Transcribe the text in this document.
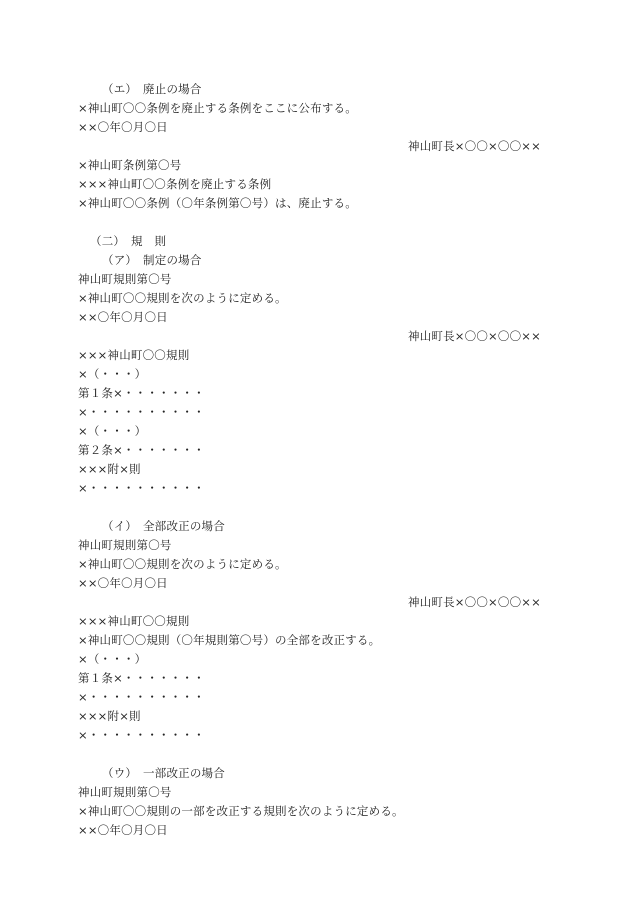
（エ）　廃止の場合
×神山町〇〇条例を廃止する条例をここに公布する。
××〇年〇月〇日
神山町長×〇〇×〇〇××
×神山町条例第〇号
×××神山町〇〇条例を廃止する条例
×神山町〇〇条例（〇年条例第〇号）は、廃止する。
（二）　規　則
（ア）　制定の場合
神山町規則第〇号
×神山町〇〇規則を次のように定める。
××〇年〇月〇日
神山町長×〇〇×〇〇××
×××神山町〇〇規則
×（・・・）
第１条×・・・・・・・
×・・・・・・・・・・
×（・・・）
第２条×・・・・・・・
×××附×則
×・・・・・・・・・・
（イ）　全部改正の場合
神山町規則第〇号
×神山町〇〇規則を次のように定める。
××〇年〇月〇日
神山町長×〇〇×〇〇××
×××神山町〇〇規則
×神山町〇〇規則（〇年規則第〇号）の全部を改正する。
×（・・・）
第１条×・・・・・・・
×・・・・・・・・・・
×××附×則
×・・・・・・・・・・
（ウ）　一部改正の場合
神山町規則第〇号
×神山町〇〇規則の一部を改正する規則を次のように定める。
××〇年〇月〇日
